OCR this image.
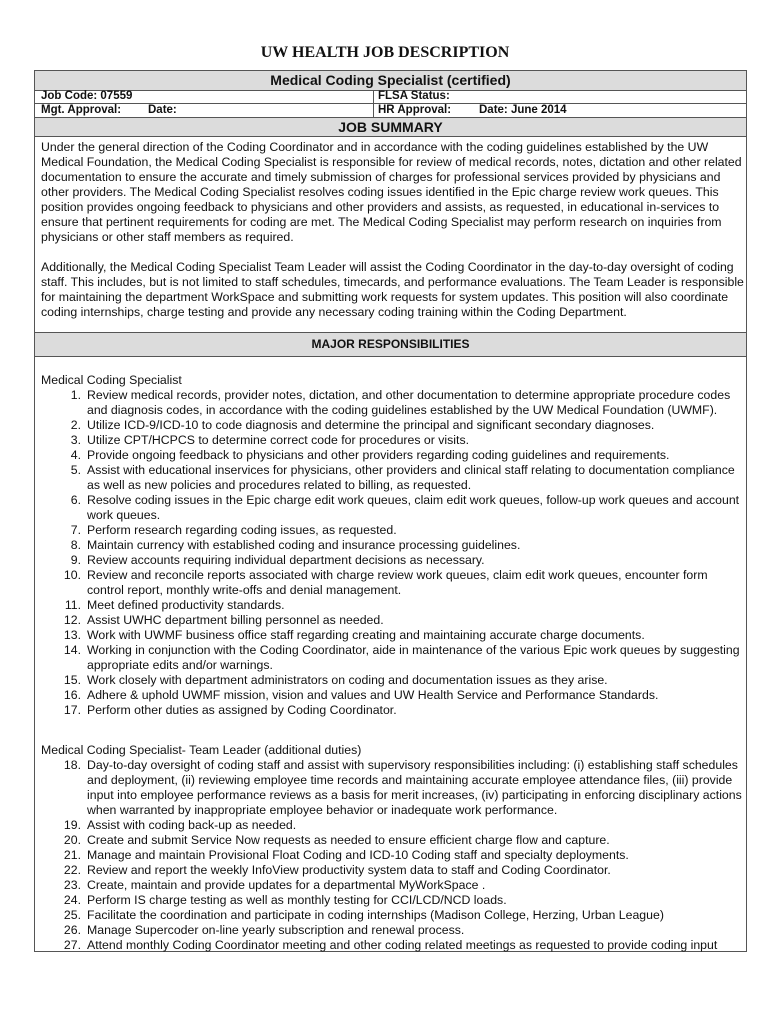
UW HEALTH JOB DESCRIPTION
Medical Coding Specialist (certified)
Job Code: 07559	FLSA Status:
Mgt. Approval: Date:	HR Approval: Date: June 2014
JOB SUMMARY
Under the general direction of the Coding Coordinator and in accordance with the coding guidelines established by the UW Medical Foundation, the Medical Coding Specialist is responsible for review of medical records, notes, dictation and other related documentation to ensure the accurate and timely submission of charges for professional services provided by physicians and other providers. The Medical Coding Specialist resolves coding issues identified in the Epic charge review work queues. This position provides ongoing feedback to physicians and other providers and assists, as requested, in educational in-services to ensure that pertinent requirements for coding are met. The Medical Coding Specialist may perform research on inquiries from physicians or other staff members as required.
Additionally, the Medical Coding Specialist Team Leader will assist the Coding Coordinator in the day-to-day oversight of coding staff. This includes, but is not limited to staff schedules, timecards, and performance evaluations. The Team Leader is responsible for maintaining the department WorkSpace and submitting work requests for system updates. This position will also coordinate coding internships, charge testing and provide any necessary coding training within the Coding Department.
MAJOR RESPONSIBILITIES
Medical Coding Specialist
1. Review medical records, provider notes, dictation, and other documentation to determine appropriate procedure codes and diagnosis codes, in accordance with the coding guidelines established by the UW Medical Foundation (UWMF).
2. Utilize ICD-9/ICD-10 to code diagnosis and determine the principal and significant secondary diagnoses.
3. Utilize CPT/HCPCS to determine correct code for procedures or visits.
4. Provide ongoing feedback to physicians and other providers regarding coding guidelines and requirements.
5. Assist with educational inservices for physicians, other providers and clinical staff relating to documentation compliance as well as new policies and procedures related to billing, as requested.
6. Resolve coding issues in the Epic charge edit work queues, claim edit work queues, follow-up work queues and account work queues.
7. Perform research regarding coding issues, as requested.
8. Maintain currency with established coding and insurance processing guidelines.
9. Review accounts requiring individual department decisions as necessary.
10. Review and reconcile reports associated with charge review work queues, claim edit work queues, encounter form control report, monthly write-offs and denial management.
11. Meet defined productivity standards.
12. Assist UWHC department billing personnel as needed.
13. Work with UWMF business office staff regarding creating and maintaining accurate charge documents.
14. Working in conjunction with the Coding Coordinator, aide in maintenance of the various Epic work queues by suggesting appropriate edits and/or warnings.
15. Work closely with department administrators on coding and documentation issues as they arise.
16. Adhere & uphold UWMF mission, vision and values and UW Health Service and Performance Standards.
17. Perform other duties as assigned by Coding Coordinator.
Medical Coding Specialist- Team Leader (additional duties)
18. Day-to-day oversight of coding staff and assist with supervisory responsibilities including: (i) establishing staff schedules and deployment, (ii) reviewing employee time records and maintaining accurate employee attendance files, (iii) provide input into employee performance reviews as a basis for merit increases, (iv) participating in enforcing disciplinary actions when warranted by inappropriate employee behavior or inadequate work performance.
19. Assist with coding back-up as needed.
20. Create and submit Service Now requests as needed to ensure efficient charge flow and capture.
21. Manage and maintain Provisional Float Coding and ICD-10 Coding staff and specialty deployments.
22. Review and report the weekly InfoView productivity system data to staff and Coding Coordinator.
23. Create, maintain and provide updates for a departmental MyWorkSpace .
24. Perform IS charge testing as well as monthly testing for CCI/LCD/NCD loads.
25. Facilitate the coordination and participate in coding internships (Madison College, Herzing, Urban League)
26. Manage Supercoder on-line yearly subscription and renewal process.
27. Attend monthly Coding Coordinator meeting and other coding related meetings as requested to provide coding input
